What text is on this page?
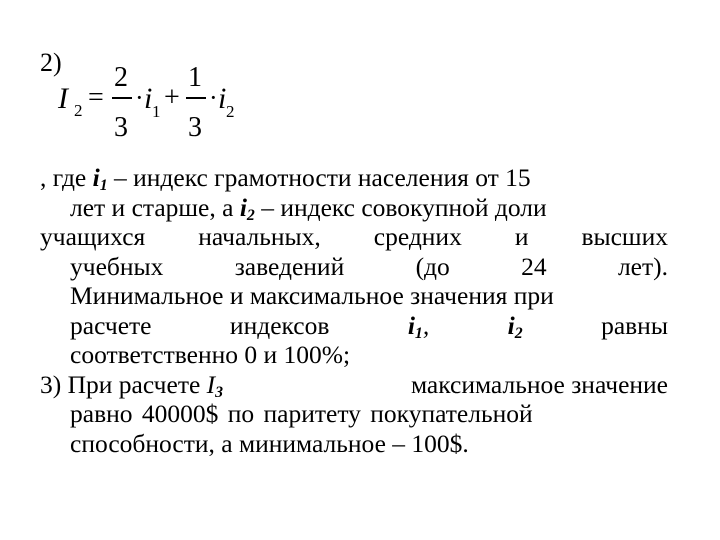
2)
I 2 =
2
3
· i 1 +
1
3
· i 2
, где $i_1$ – индекс грамотности населения от 15
лет и старше, а $i_2$ – индекс совокупной доли
учащихся начальных, средних и высших
учебных	заведений	(до	24	лет).
Минимальное и максимальное значения при
расчете	индексов	$i_1$,	$i_2$	равны
соответственно 0 и 100%;
3) При расчете $I_3$	максимальное значение
равно 40000$ по паритету покупательной
способности, а минимальное – 100$.
